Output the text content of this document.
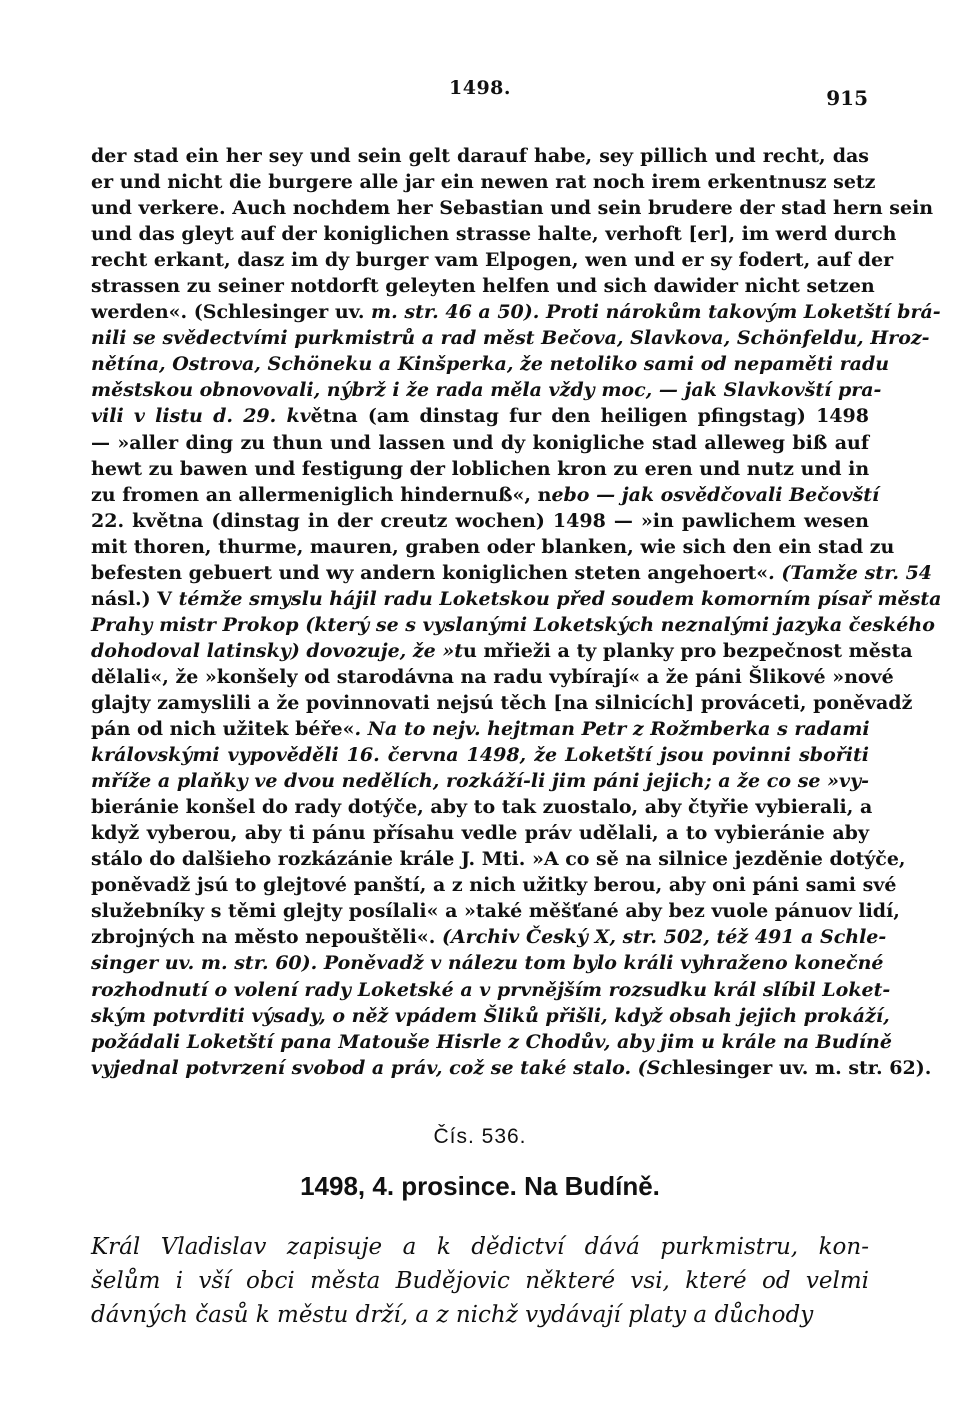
1498.	915
der stad ein her sey und sein gelt darauf habe, sey pillich und recht, das
er und nicht die burgere alle jar ein newen rat noch irem erkentnusz setz
und verkere. Auch nochdem her Sebastian und sein brudere der stad hern sein
und das gleyt auf der koniglichen strasse halte, verhoft [er], im werd durch
recht erkant, dasz im dy burger vam Elpogen, wen und er sy fodert, auf der
strassen zu seiner notdorft geleyten helfen und sich dawider nicht setzen
werden«. (Schlesinger uv. m. str. 46 a 50). Proti nárokům takovým Loketští brá-
nili se svědectvími purkmistrů a rad měst Bečova, Slavkova, Schönfeldu, Hroz-
nětína, Ostrova, Schöneku a Kinšperka, že netoliko sami od nepaměti radu
městskou obnovovali, nýbrž i že rada měla vždy moc, — jak Slavkovští pra-
vili v listu d. 29. května (am dinstag fur den heiligen pfingstag) 1498
— »aller ding zu thun und lassen und dy konigliche stad alleweg biß auf
hewt zu bawen und festigung der loblichen kron zu eren und nutz und in
zu fromen an allermeniglich hindernuß«, nebo — jak osvědčovali Bečovští
22. května (dinstag in der creutz wochen) 1498 — »in pawlichem wesen
mit thoren, thurme, mauren, graben oder blanken, wie sich den ein stad zu
befesten gebuert und wy andern koniglichen steten angehoert«. (Tamže str. 54
násl.) V témže smyslu hájil radu Loketskou před soudem komorním písař města
Prahy mistr Prokop (který se s vyslanými Loketských neznalými jazyka českého
dohodoval latinsky) dovozuje, že »tu mřieži a ty planky pro bezpečnost města
dělali«, že »konšely od starodávna na radu vybírají« a že páni Šlikové »nové
glajty zamyslili a že povinnovati nejsú těch [na silnicích] prováceti, poněvadž
pán od nich užitek béře«. Na to nejv. hejtman Petr z Rožmberka s radami
královskými vypověděli 16. června 1498, že Loketští jsou povinni sbořiti
mříže a plaňky ve dvou nedělích, rozkáží-li jim páni jejich; a že co se »vy-
bieránie konšel do rady dotýče, aby to tak zuostalo, aby čtyřie vybierali, a
když vyberou, aby ti pánu přísahu vedle práv udělali, a to vybieránie aby
stálo do dalšieho rozkázánie krále J. Mti. »A co sě na silnice jezděnie dotýče,
poněvadž jsú to glejtové panští, a z nich užitky berou, aby oni páni sami své
služebníky s těmi glejty posílali« a »také měšťané aby bez vuole pánuov lidí,
zbrojných na město nepouštěli«. (Archiv Český X, str. 502, též 491 a Schle-
singer uv. m. str. 60). Poněvadž v nálezu tom bylo králi vyhraženo konečné
rozhodnutí o volení rady Loketské a v prvnějším rozsudku král slíbil Loket-
ským potvrditi výsady, o něž vpádem Šliků přišli, když obsah jejich prokáží,
požádali Loketští pana Matouše Hisrle z Chodův, aby jim u krále na Budíně
vyjednal potvrzení svobod a práv, což se také stalo. (Schlesinger uv. m. str. 62).
Čís. 536.
1498, 4. prosince. Na Budíně.
Král Vladislav zapisuje a k dědictví dává purkmistru, kon-
šelům i vší obci města Budějovic některé vsi, které od velmi
dávných časů k městu drží, a z nichž vydávají platy a důchody
